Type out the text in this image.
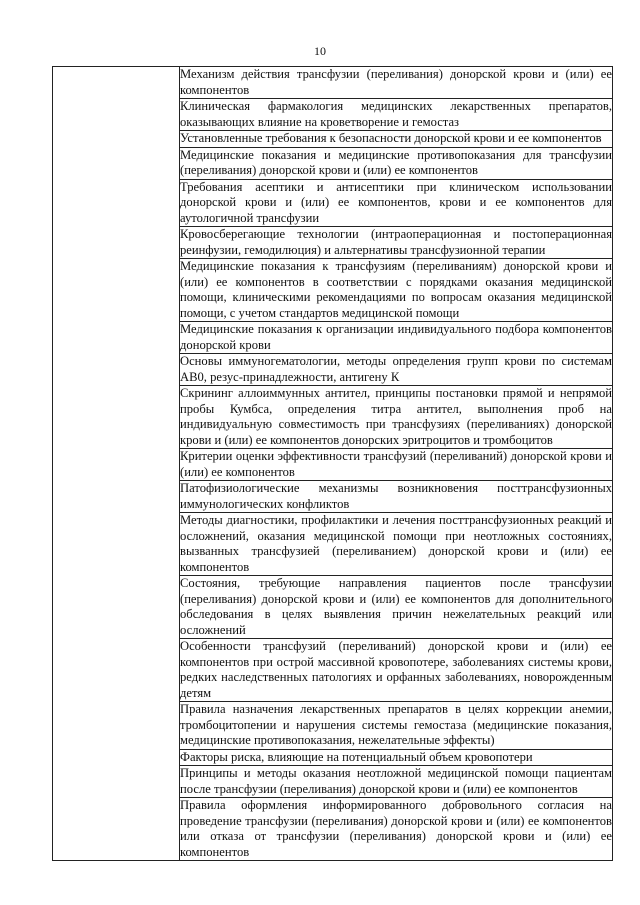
10
	Механизм действия трансфузии (переливания) донорской крови и (или) ее компонентов
Клиническая фармакология медицинских лекарственных препаратов, оказывающих влияние на кроветворение и гемостаз
Установленные требования к безопасности донорской крови и ее компонентов
Медицинские показания и медицинские противопоказания для трансфузии (переливания) донорской крови и (или) ее компонентов
Требования асептики и антисептики при клиническом использовании донорской крови и (или) ее компонентов, крови и ее компонентов для аутологичной трансфузии
Кровосберегающие технологии (интраоперационная и постоперационная реинфузии, гемодилюция) и альтернативы трансфузионной терапии
Медицинские показания к трансфузиям (переливаниям) донорской крови и (или) ее компонентов в соответствии с порядками оказания медицинской помощи, клиническими рекомендациями по вопросам оказания медицинской помощи, с учетом стандартов медицинской помощи
Медицинские показания к организации индивидуального подбора компонентов донорской крови
Основы иммуногематологии, методы определения групп крови по системам АВ0, резус-принадлежности, антигену К
Скрининг аллоиммунных антител, принципы постановки прямой и непрямой пробы Кумбса, определения титра антител, выполнения проб на индивидуальную совместимость при трансфузиях (переливаниях) донорской крови и (или) ее компонентов донорских эритроцитов и тромбоцитов
Критерии оценки эффективности трансфузий (переливаний) донорской крови и (или) ее компонентов
Патофизиологические механизмы возникновения посттрансфузионных иммунологических конфликтов
Методы диагностики, профилактики и лечения посттрансфузионных реакций и осложнений, оказания медицинской помощи при неотложных состояниях, вызванных трансфузией (переливанием) донорской крови и (или) ее компонентов
Состояния, требующие направления пациентов после трансфузии (переливания) донорской крови и (или) ее компонентов для дополнительного обследования в целях выявления причин нежелательных реакций или осложнений
Особенности трансфузий (переливаний) донорской крови и (или) ее компонентов при острой массивной кровопотере, заболеваниях системы крови, редких наследственных патологиях и орфанных заболеваниях, новорожденным детям
Правила назначения лекарственных препаратов в целях коррекции анемии, тромбоцитопении и нарушения системы гемостаза (медицинские показания, медицинские противопоказания, нежелательные эффекты)
Факторы риска, влияющие на потенциальный объем кровопотери
Принципы и методы оказания неотложной медицинской помощи пациентам после трансфузии (переливания) донорской крови и (или) ее компонентов
Правила оформления информированного добровольного согласия на проведение трансфузии (переливания) донорской крови и (или) ее компонентов или отказа от трансфузии (переливания) донорской крови и (или) ее компонентов
